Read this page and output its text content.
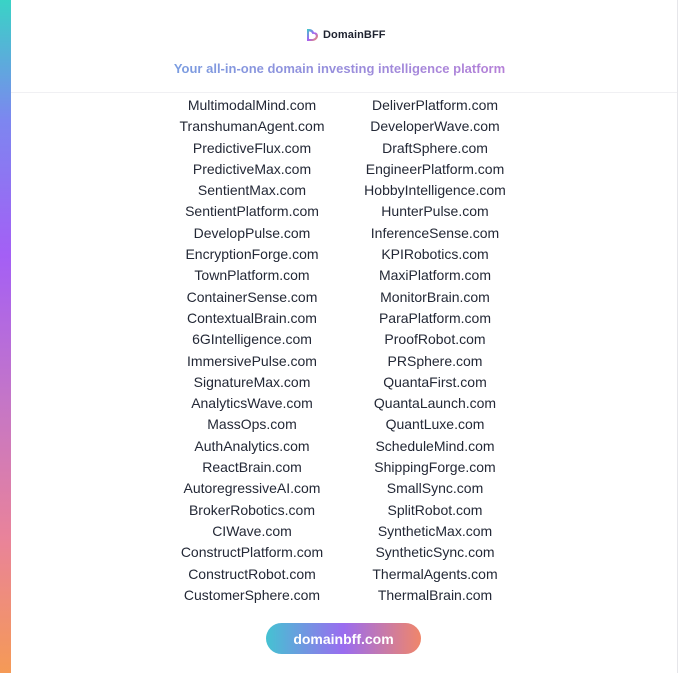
DomainBFF
Your all-in-one domain investing intelligence platform
MultimodalMind.com
TranshumanAgent.com
PredictiveFlux.com
PredictiveMax.com
SentientMax.com
SentientPlatform.com
DevelopPulse.com
EncryptionForge.com
TownPlatform.com
ContainerSense.com
ContextualBrain.com
6GIntelligence.com
ImmersivePulse.com
SignatureMax.com
AnalyticsWave.com
MassOps.com
AuthAnalytics.com
ReactBrain.com
AutoregressiveAI.com
BrokerRobotics.com
CIWave.com
ConstructPlatform.com
ConstructRobot.com
CustomerSphere.com
DeliverPlatform.com
DeveloperWave.com
DraftSphere.com
EngineerPlatform.com
HobbyIntelligence.com
HunterPulse.com
InferenceSense.com
KPIRobotics.com
MaxiPlatform.com
MonitorBrain.com
ParaPlatform.com
ProofRobot.com
PRSphere.com
QuantaFirst.com
QuantaLaunch.com
QuantLuxe.com
ScheduleMind.com
ShippingForge.com
SmallSync.com
SplitRobot.com
SyntheticMax.com
SyntheticSync.com
ThermalAgents.com
ThermalBrain.com
domainbff.com
